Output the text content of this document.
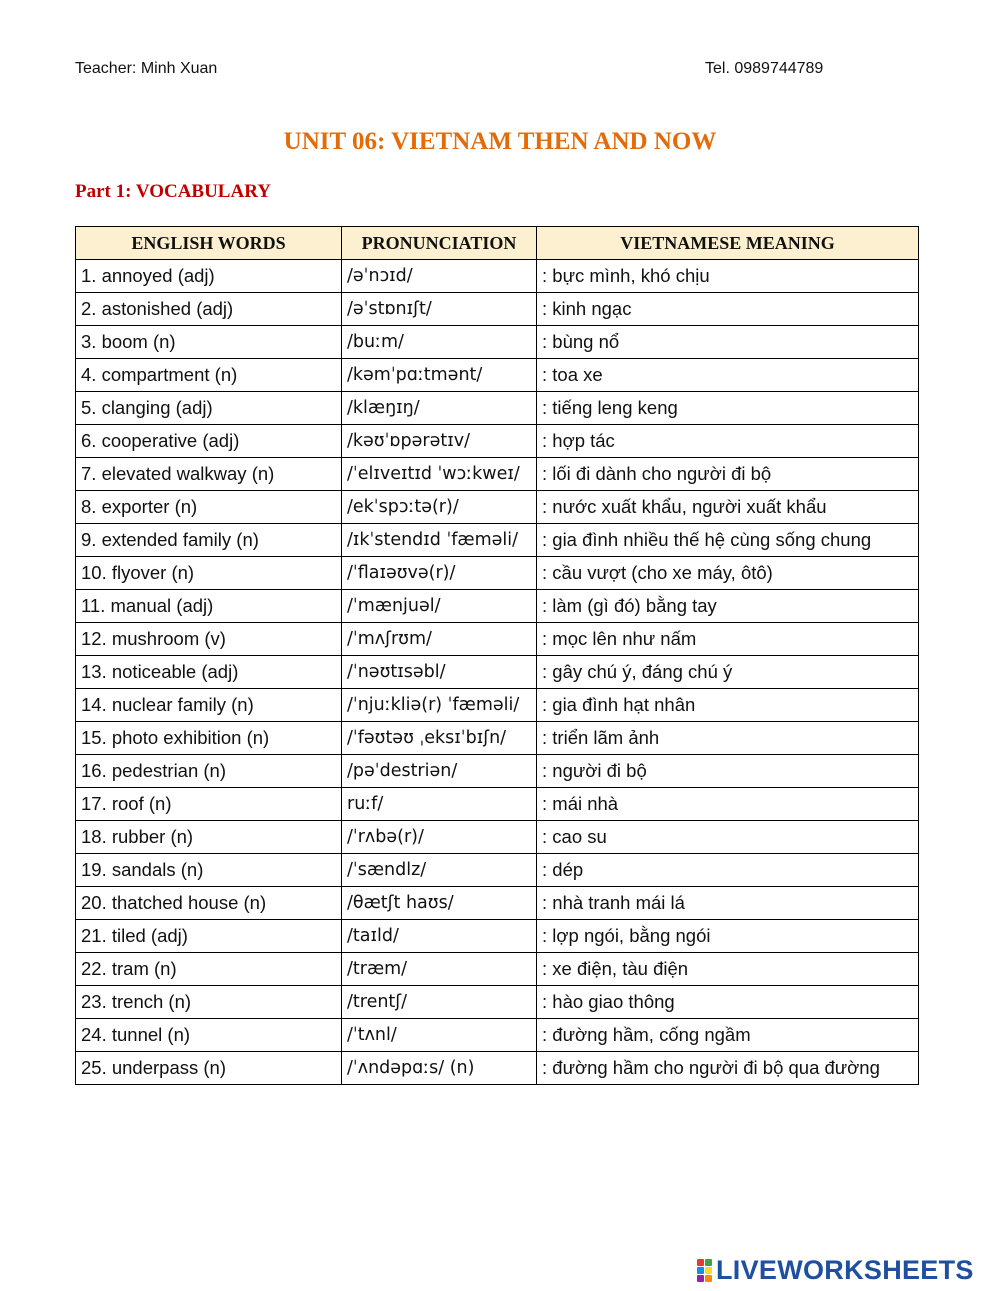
Teacher: Minh Xuan	Tel. 0989744789
UNIT 06: VIETNAM THEN AND NOW
Part 1: VOCABULARY
ENGLISH WORDS	PRONUNCIATION	VIETNAMESE MEANING
1. annoyed (adj)	/əˈnɔɪd/	: bực mình, khó chịu
2. astonished (adj)	/əˈstɒnɪʃt/	: kinh ngạc
3. boom (n)	/buːm/	: bùng nổ
4. compartment (n)	/kəmˈpɑːtmənt/	: toa xe
5. clanging (adj)	/klæŋɪŋ/	: tiếng leng keng
6. cooperative (adj)	/kəʊˈɒpərətɪv/	: hợp tác
7. elevated walkway (n)	/ˈelɪveɪtɪd ˈwɔːkweɪ/	: lối đi dành cho người đi bộ
8. exporter (n)	/ekˈspɔːtə(r)/	: nước xuất khẩu, người xuất khẩu
9. extended family (n)	/ɪkˈstendɪd ˈfæməli/	: gia đình nhiều thế hệ cùng sống chung
10. flyover (n)	/ˈflaɪəʊvə(r)/	: cầu vượt (cho xe máy, ôtô)
11. manual (adj)	/ˈmænjuəl/	: làm (gì đó) bằng tay
12. mushroom (v)	/ˈmʌʃrʊm/	: mọc lên như nấm
13. noticeable (adj)	/ˈnəʊtɪsəbl/	: gây chú ý, đáng chú ý
14. nuclear family (n)	/ˈnjuːkliə(r) ˈfæməli/	: gia đình hạt nhân
15. photo exhibition (n)	/ˈfəʊtəʊ ˌeksɪˈbɪʃn/	: triển lãm ảnh
16. pedestrian (n)	/pəˈdestriən/	: người đi bộ
17. roof (n)	ruːf/	: mái nhà
18. rubber (n)	/ˈrʌbə(r)/	: cao su
19. sandals (n)	/ˈsændlz/	: dép
20. thatched house (n)	/θætʃt haʊs/	: nhà tranh mái lá
21. tiled (adj)	/taɪld/	: lợp ngói, bằng ngói
22. tram (n)	/træm/	: xe điện, tàu điện
23. trench (n)	/trentʃ/	: hào giao thông
24. tunnel (n)	/ˈtʌnl/	: đường hầm, cống ngầm
25. underpass (n)	/ˈʌndəpɑːs/ (n)	: đường hầm cho người đi bộ qua đường
LIVEWORKSHEETS
